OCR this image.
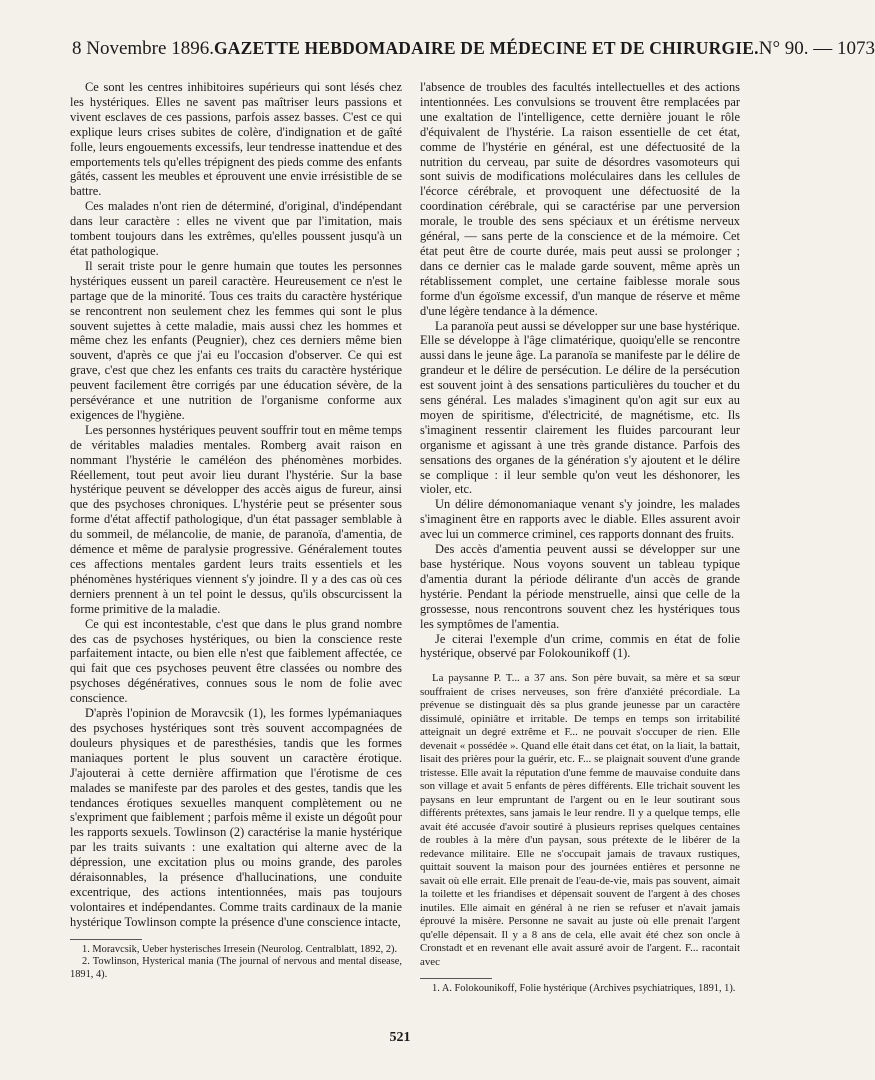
8 Novembre 1896. GAZETTE HEBDOMADAIRE DE MÉDECINE ET DE CHIRURGIE. N° 90. — 1073

Ce sont les centres inhibitoires supérieurs qui sont lésés chez les hystériques. Elles ne savent pas maîtriser leurs passions et vivent esclaves de ces passions, parfois assez basses. C'est ce qui explique leurs crises subites de colère, d'indignation et de gaîté folle, leurs engouements excessifs, leur tendresse inattendue et des emportements tels qu'elles trépignent des pieds comme des enfants gâtés, cassent les meubles et éprouvent une envie irrésistible de se battre.

Ces malades n'ont rien de déterminé, d'original, d'indépendant dans leur caractère : elles ne vivent que par l'imitation, mais tombent toujours dans les extrêmes, qu'elles poussent jusqu'à un état pathologique.

Il serait triste pour le genre humain que toutes les personnes hystériques eussent un pareil caractère. Heureusement ce n'est le partage que de la minorité. Tous ces traits du caractère hystérique se rencontrent non seulement chez les femmes qui sont le plus souvent sujettes à cette maladie, mais aussi chez les hommes et même chez les enfants (Peugnier), chez ces derniers même bien souvent, d'après ce que j'ai eu l'occasion d'observer. Ce qui est grave, c'est que chez les enfants ces traits du caractère hystérique peuvent facilement être corrigés par une éducation sévère, de la persévérance et une nutrition de l'organisme conforme aux exigences de l'hygiène.

Les personnes hystériques peuvent souffrir tout en même temps de véritables maladies mentales. Romberg avait raison en nommant l'hystérie le caméléon des phénomènes morbides. Réellement, tout peut avoir lieu durant l'hystérie. Sur la base hystérique peuvent se développer des accès aigus de fureur, ainsi que des psychoses chroniques. L'hystérie peut se présenter sous forme d'état affectif pathologique, d'un état passager semblable à du sommeil, de mélancolie, de manie, de paranoïa, d'amentia, de démence et même de paralysie progressive. Généralement toutes ces affections mentales gardent leurs traits essentiels et les phénomènes hystériques viennent s'y joindre. Il y a des cas où ces derniers prennent à un tel point le dessus, qu'ils obscurcissent la forme primitive de la maladie.

Ce qui est incontestable, c'est que dans le plus grand nombre des cas de psychoses hystériques, ou bien la conscience reste parfaitement intacte, ou bien elle n'est que faiblement affectée, ce qui fait que ces psychoses peuvent être classées ou nombre des psychoses dégénératives, connues sous le nom de folie avec conscience.

D'après l'opinion de Moravcsik (1), les formes lypémaniaques des psychoses hystériques sont très souvent accompagnées de douleurs physiques et de paresthésies, tandis que les formes maniaques portent le plus souvent un caractère érotique. J'ajouterai à cette dernière affirmation que l'érotisme de ces malades se manifeste par des paroles et des gestes, tandis que les tendances érotiques sexuelles manquent complètement ou ne s'expriment que faiblement ; parfois même il existe un dégoût pour les rapports sexuels. Towlinson (2) caractérise la manie hystérique par les traits suivants : une exaltation qui alterne avec de la dépression, une excitation plus ou moins grande, des paroles déraisonnables, la présence d'hallucinations, une conduite excentrique, des actions intentionnées, mais pas toujours volontaires et indépendantes. Comme traits cardinaux de la manie hystérique Towlinson compte la présence d'une conscience intacte,

1. Moravcsik, Ueber hysterisches Irresein (Neurolog. Centralblatt, 1892, 2).

2. Towlinson, Hysterical mania (The journal of nervous and mental disease, 1891, 4).

l'absence de troubles des facultés intellectuelles et des actions intentionnées. Les convulsions se trouvent être remplacées par une exaltation de l'intelligence, cette dernière jouant le rôle d'équivalent de l'hystérie. La raison essentielle de cet état, comme de l'hystérie en général, est une défectuosité de la nutrition du cerveau, par suite de désordres vasomoteurs qui sont suivis de modifications moléculaires dans les cellules de l'écorce cérébrale, et provoquent une défectuosité de la coordination cérébrale, qui se caractérise par une perversion morale, le trouble des sens spéciaux et un érétisme nerveux général, — sans perte de la conscience et de la mémoire. Cet état peut être de courte durée, mais peut aussi se prolonger ; dans ce dernier cas le malade garde souvent, même après un rétablissement complet, une certaine faiblesse morale sous forme d'un égoïsme excessif, d'un manque de réserve et même d'une légère tendance à la démence.

La paranoïa peut aussi se développer sur une base hystérique. Elle se développe à l'âge climatérique, quoiqu'elle se rencontre aussi dans le jeune âge. La paranoïa se manifeste par le délire de grandeur et le délire de persécution. Le délire de la persécution est souvent joint à des sensations particulières du toucher et du sens général. Les malades s'imaginent qu'on agit sur eux au moyen de spiritisme, d'électricité, de magnétisme, etc. Ils s'imaginent ressentir clairement les fluides parcourant leur organisme et agissant à une très grande distance. Parfois des sensations des organes de la génération s'y ajoutent et le délire se complique : il leur semble qu'on veut les déshonorer, les violer, etc.

Un délire démonomaniaque venant s'y joindre, les malades s'imaginent être en rapports avec le diable. Elles assurent avoir avec lui un commerce criminel, ces rapports donnant des fruits.

Des accès d'amentia peuvent aussi se développer sur une base hystérique. Nous voyons souvent un tableau typique d'amentia durant la période délirante d'un accès de grande hystérie. Pendant la période menstruelle, ainsi que celle de la grossesse, nous rencontrons souvent chez les hystériques tous les symptômes de l'amentia.

Je citerai l'exemple d'un crime, commis en état de folie hystérique, observé par Folokounikoff (1).

La paysanne P. T... a 37 ans. Son père buvait, sa mère et sa sœur souffraient de crises nerveuses, son frère d'anxiété précordiale. La prévenue se distinguait dès sa plus grande jeunesse par un caractère dissimulé, opiniâtre et irritable. De temps en temps son irritabilité atteignait un degré extrême et F... ne pouvait s'occuper de rien. Elle devenait « possédée ». Quand elle était dans cet état, on la liait, la battait, lisait des prières pour la guérir, etc. F... se plaignait souvent d'une grande tristesse. Elle avait la réputation d'une femme de mauvaise conduite dans son village et avait 5 enfants de pères différents. Elle trichait souvent les paysans en leur empruntant de l'argent ou en le leur soutirant sous différents prétextes, sans jamais le leur rendre. Il y a quelque temps, elle avait été accusée d'avoir soutiré à plusieurs reprises quelques centaines de roubles à la mère d'un paysan, sous prétexte de le libérer de la redevance militaire. Elle ne s'occupait jamais de travaux rustiques, quittait souvent la maison pour des journées entières et personne ne savait où elle errait. Elle prenait de l'eau-de-vie, mais pas souvent, aimait la toilette et les friandises et dépensait souvent de l'argent à des choses inutiles. Elle aimait en général à ne rien se refuser et n'avait jamais éprouvé la misère. Personne ne savait au juste où elle prenait l'argent qu'elle dépensait. Il y a 8 ans de cela, elle avait été chez son oncle à Cronstadt et en revenant elle avait assuré avoir de l'argent. F... racontait avec

1. A. Folokounikoff, Folie hystérique (Archives psychiatriques, 1891, 1).

521
